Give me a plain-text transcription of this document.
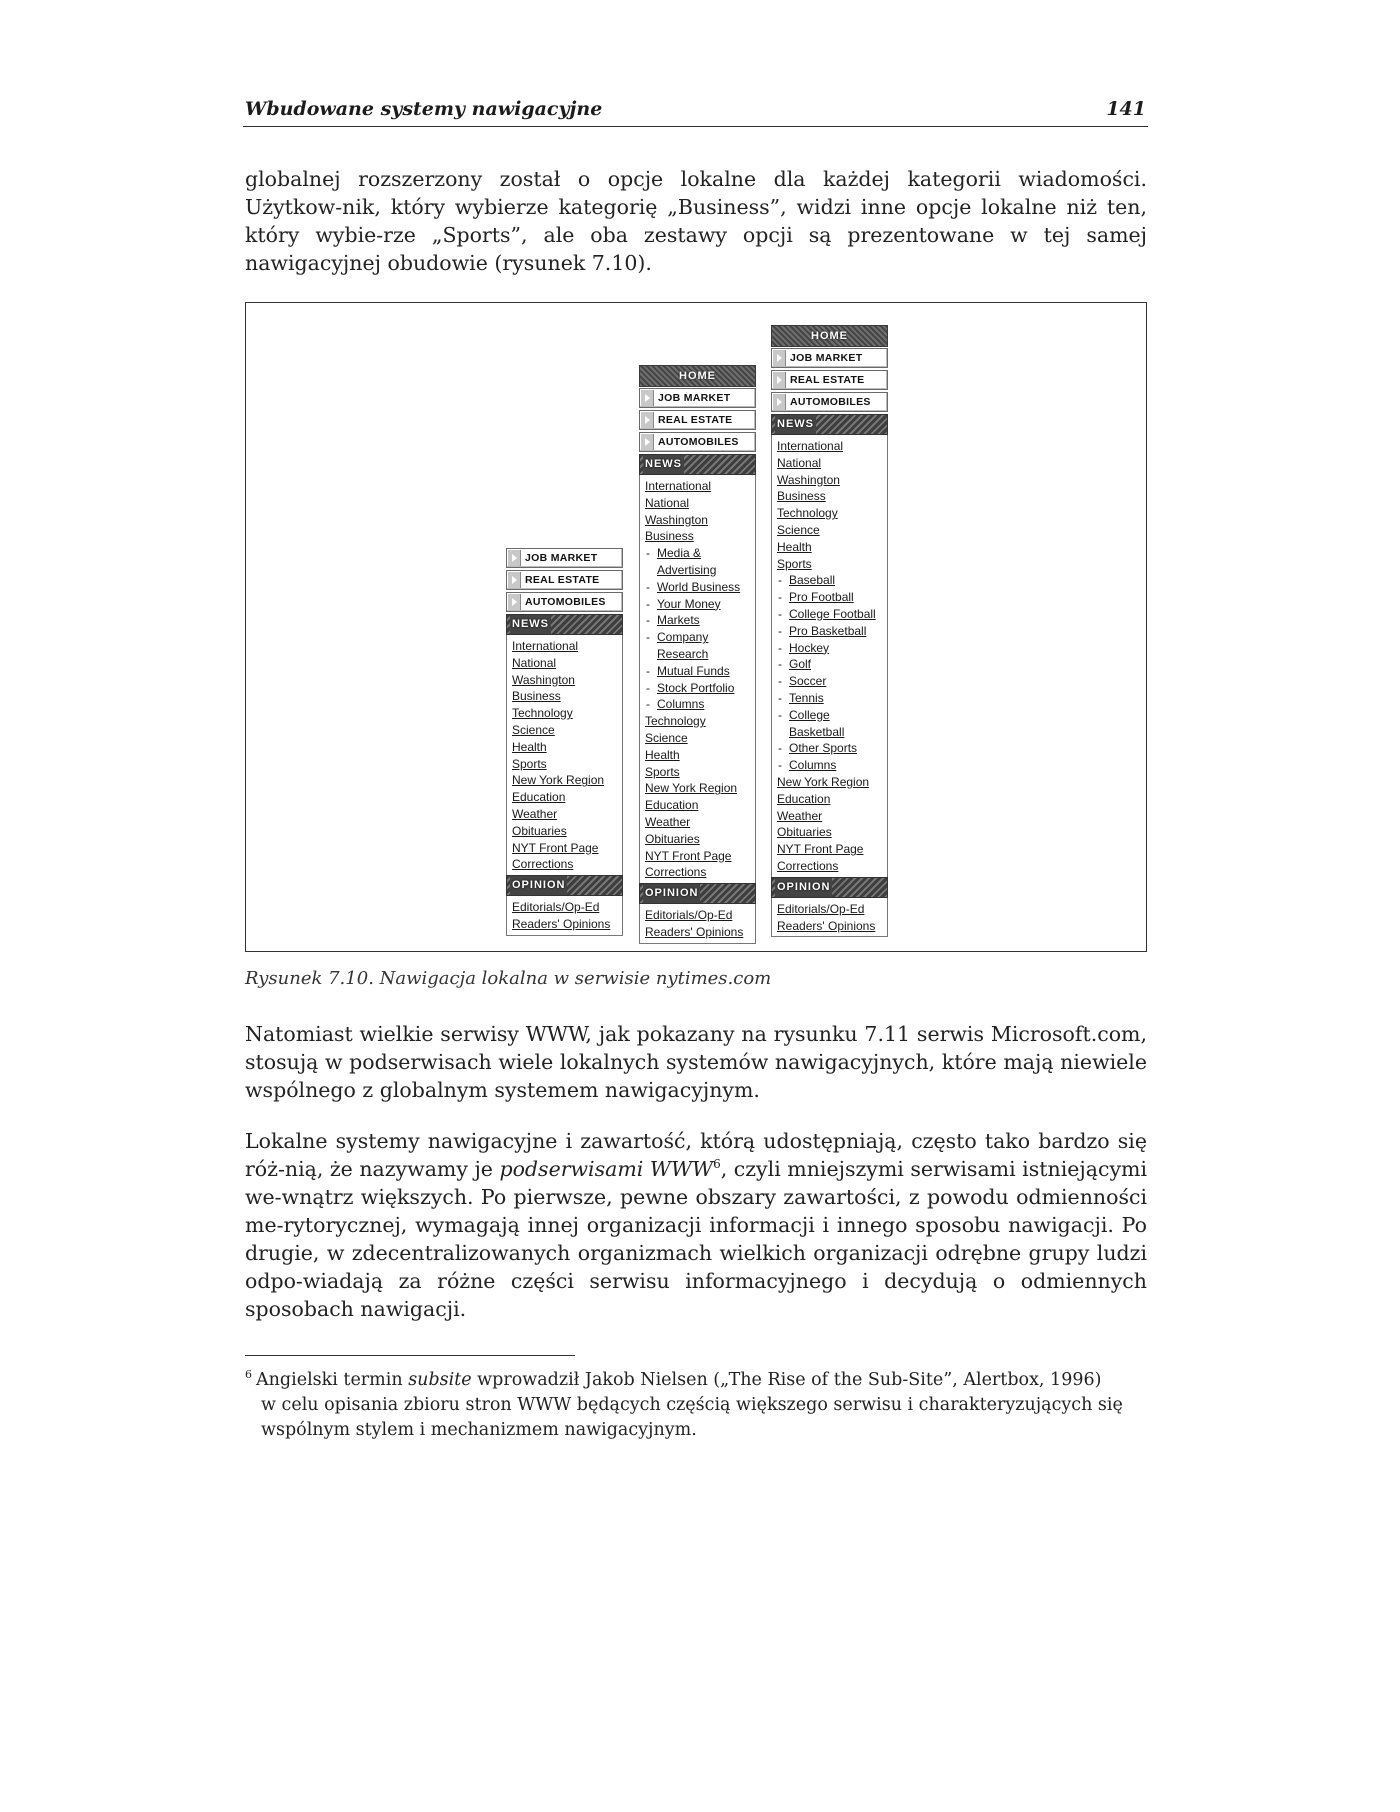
Wbudowane systemy nawigacyjne	141

globalnej rozszerzony został o opcje lokalne dla każdej kategorii wiadomości. Użytkow-nik, który wybierze kategorię „Business”, widzi inne opcje lokalne niż ten, który wybie-rze „Sports”, ale oba zestawy opcji są prezentowane w tej samej nawigacyjnej obudowie (rysunek 7.10).

JOB MARKET
REAL ESTATE
AUTOMOBILES
NEWS
International
National
Washington
Business
Technology
Science
Health
Sports
New York Region
Education
Weather
Obituaries
NYT Front Page
Corrections
OPINION
Editorials/Op-Ed
Readers' Opinions
HOME
JOB MARKET
REAL ESTATE
AUTOMOBILES
NEWS
International
National
Washington
Business
- Media &
Advertising
- World Business
- Your Money
- Markets
- Company
Research
- Mutual Funds
- Stock Portfolio
- Columns
Technology
Science
Health
Sports
New York Region
Education
Weather
Obituaries
NYT Front Page
Corrections
OPINION
Editorials/Op-Ed
Readers' Opinions
HOME
JOB MARKET
REAL ESTATE
AUTOMOBILES
NEWS
International
National
Washington
Business
Technology
Science
Health
Sports
- Baseball
- Pro Football
- College Football
- Pro Basketball
- Hockey
- Golf
- Soccer
- Tennis
- College
Basketball
- Other Sports
- Columns
New York Region
Education
Weather
Obituaries
NYT Front Page
Corrections
OPINION
Editorials/Op-Ed
Readers' Opinions
Rysunek 7.10. Nawigacja lokalna w serwisie nytimes.com

Natomiast wielkie serwisy WWW, jak pokazany na rysunku 7.11 serwis Microsoft.com, stosują w podserwisach wiele lokalnych systemów nawigacyjnych, które mają niewiele wspólnego z globalnym systemem nawigacyjnym.

Lokalne systemy nawigacyjne i zawartość, którą udostępniają, często tako bardzo się róż-nią, że nazywamy je podserwisami WWW$^6$, czyli mniejszymi serwisami istniejącymi we-wnątrz większych. Po pierwsze, pewne obszary zawartości, z powodu odmienności me-rytorycznej, wymagają innej organizacji informacji i innego sposobu nawigacji. Po drugie, w zdecentralizowanych organizmach wielkich organizacji odrębne grupy ludzi odpo-wiadają za różne części serwisu informacyjnego i decydują o odmiennych sposobach nawigacji.

$^6$ Angielski termin subsite wprowadził Jakob Nielsen („The Rise of the Sub-Site”, Alertbox, 1996)
w celu opisania zbioru stron WWW będących częścią większego serwisu i charakteryzujących się
wspólnym stylem i mechanizmem nawigacyjnym.
